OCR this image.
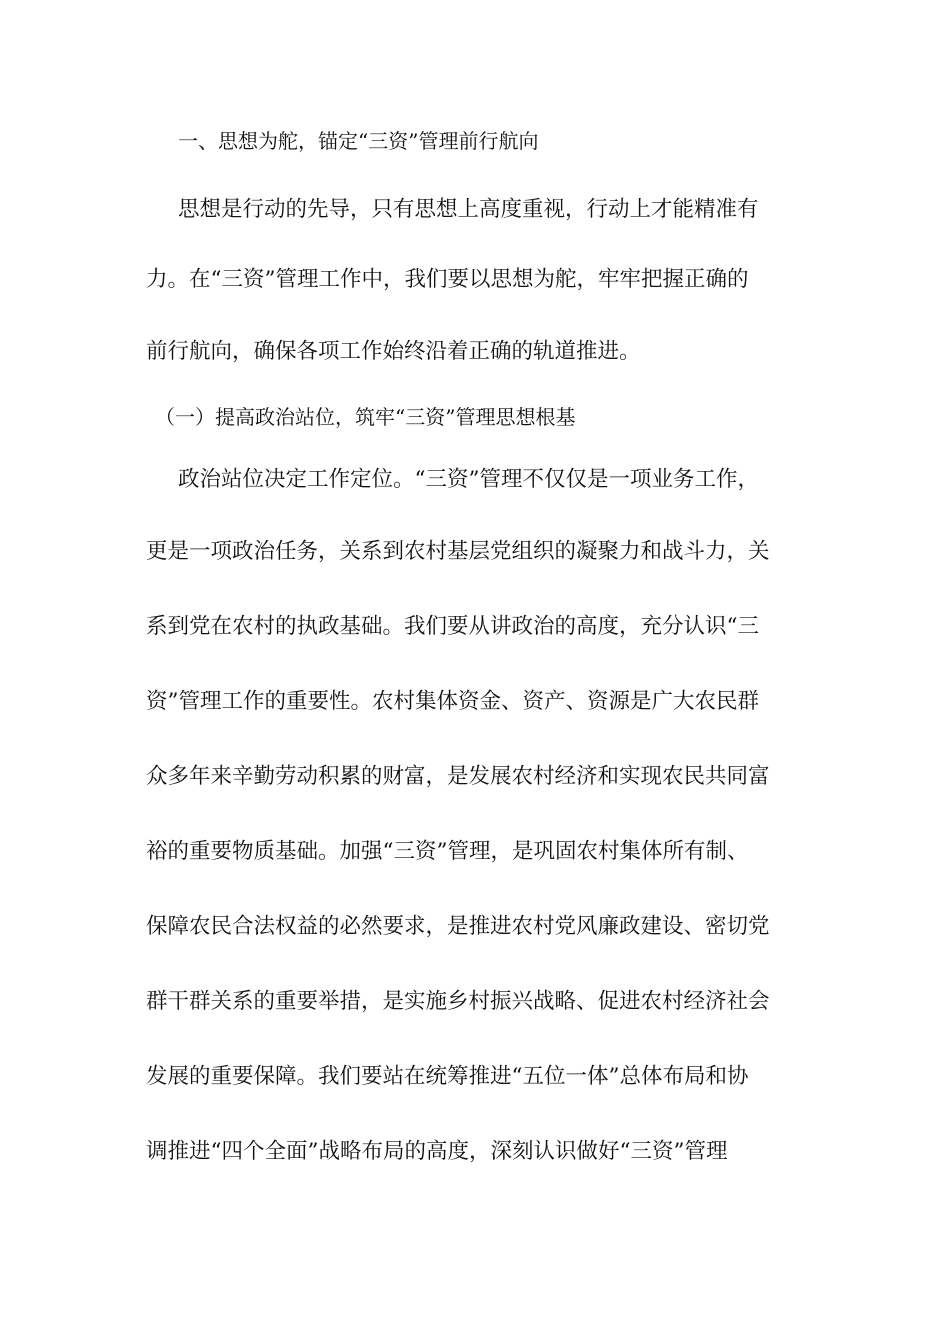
一、思想为舵，锚定“三资”管理前行航向
思想是行动的先导，只有思想上高度重视，行动上才能精准有
力。在“三资”管理工作中，我们要以思想为舵，牢牢把握正确的
前行航向，确保各项工作始终沿着正确的轨道推进。
（一）提高政治站位，筑牢“三资”管理思想根基
政治站位决定工作定位。“三资”管理不仅仅是一项业务工作，
更是一项政治任务，关系到农村基层党组织的凝聚力和战斗力，关
系到党在农村的执政基础。我们要从讲政治的高度，充分认识“三
资”管理工作的重要性。农村集体资金、资产、资源是广大农民群
众多年来辛勤劳动积累的财富，是发展农村经济和实现农民共同富
裕的重要物质基础。加强“三资”管理，是巩固农村集体所有制、
保障农民合法权益的必然要求，是推进农村党风廉政建设、密切党
群干群关系的重要举措，是实施乡村振兴战略、促进农村经济社会
发展的重要保障。我们要站在统筹推进“五位一体”总体布局和协
调推进“四个全面”战略布局的高度，深刻认识做好“三资”管理
